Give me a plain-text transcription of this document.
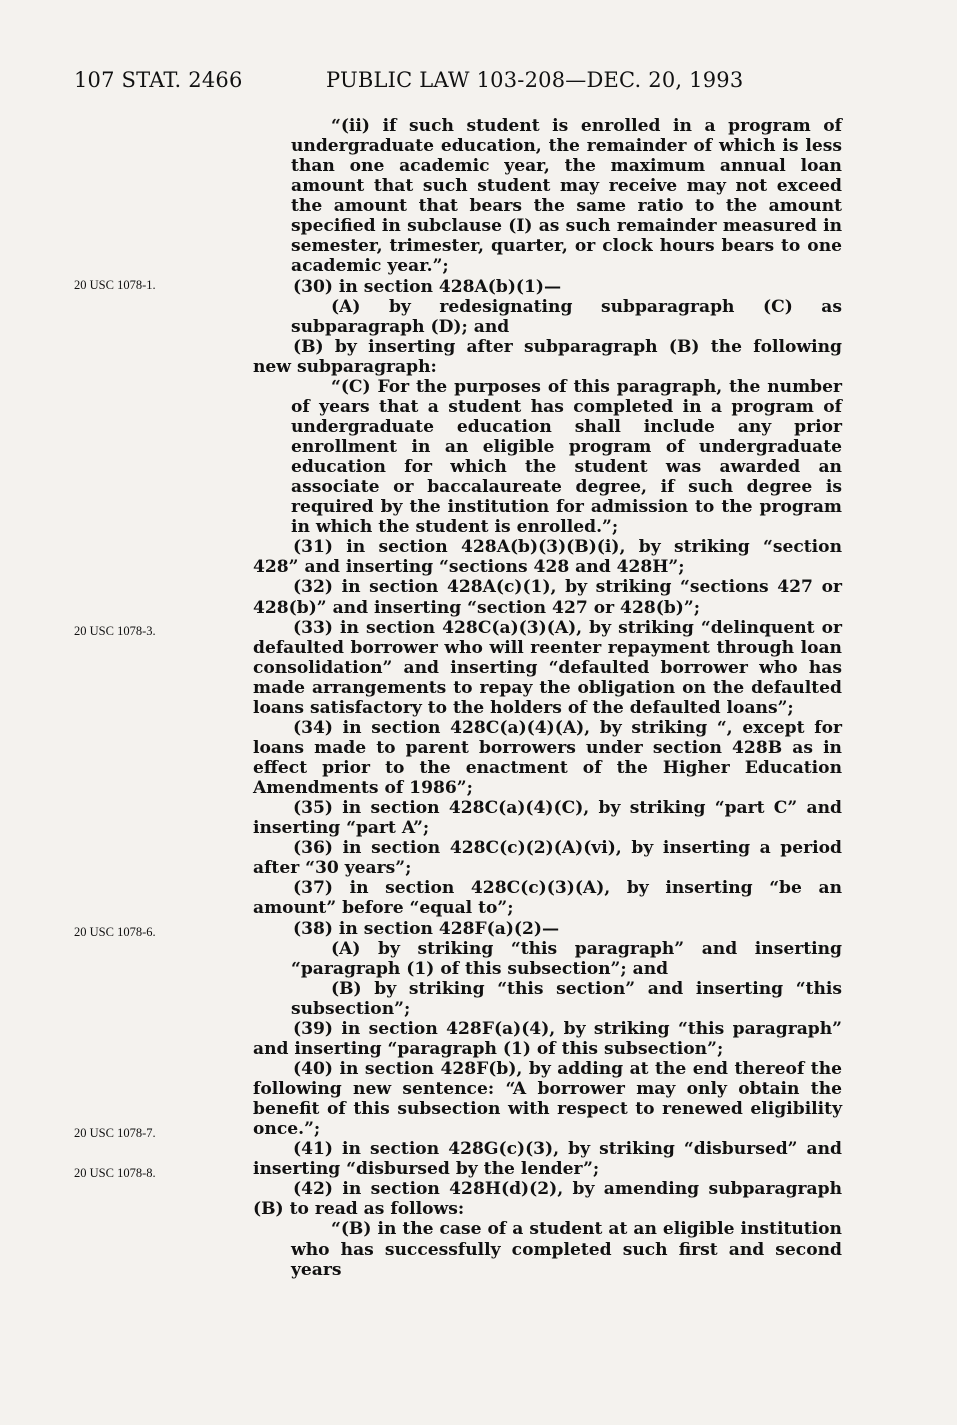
107 STAT. 2466	PUBLIC LAW 103-208—DEC. 20, 1993
20 USC 1078-1.
20 USC 1078-3.
20 USC 1078-6.
20 USC 1078-7.
20 USC 1078-8.

“(ii) if such student is enrolled in a program of undergraduate education, the remainder of which is less than one academic year, the maximum annual loan amount that such student may receive may not exceed the amount that bears the same ratio to the amount specified in subclause (I) as such remainder measured in semester, trimester, quarter, or clock hours bears to one academic year.”;

(30) in section 428A(b)(1)—

(A) by redesignating subparagraph (C) as subparagraph (D); and

(B) by inserting after subparagraph (B) the following new subparagraph:

“(C) For the purposes of this paragraph, the number of years that a student has completed in a program of undergraduate education shall include any prior enrollment in an eligible program of undergraduate education for which the student was awarded an associate or baccalaureate degree, if such degree is required by the institution for admission to the program in which the student is enrolled.”;

(31) in section 428A(b)(3)(B)(i), by striking “section 428” and inserting “sections 428 and 428H”;

(32) in section 428A(c)(1), by striking “sections 427 or 428(b)” and inserting “section 427 or 428(b)”;

(33) in section 428C(a)(3)(A), by striking “delinquent or defaulted borrower who will reenter repayment through loan consolidation” and inserting “defaulted borrower who has made arrangements to repay the obligation on the defaulted loans satisfactory to the holders of the defaulted loans”;

(34) in section 428C(a)(4)(A), by striking “, except for loans made to parent borrowers under section 428B as in effect prior to the enactment of the Higher Education Amendments of 1986”;

(35) in section 428C(a)(4)(C), by striking “part C” and inserting “part A”;

(36) in section 428C(c)(2)(A)(vi), by inserting a period after “30 years”;

(37) in section 428C(c)(3)(A), by inserting “be an amount” before “equal to”;

(38) in section 428F(a)(2)—

(A) by striking “this paragraph” and inserting “paragraph (1) of this subsection”; and

(B) by striking “this section” and inserting “this subsection”;

(39) in section 428F(a)(4), by striking “this paragraph” and inserting “paragraph (1) of this subsection”;

(40) in section 428F(b), by adding at the end thereof the following new sentence: “A borrower may only obtain the benefit of this subsection with respect to renewed eligibility once.”;

(41) in section 428G(c)(3), by striking “disbursed” and inserting “disbursed by the lender”;

(42) in section 428H(d)(2), by amending subparagraph (B) to read as follows:

“(B) in the case of a student at an eligible institution who has successfully completed such first and second years
